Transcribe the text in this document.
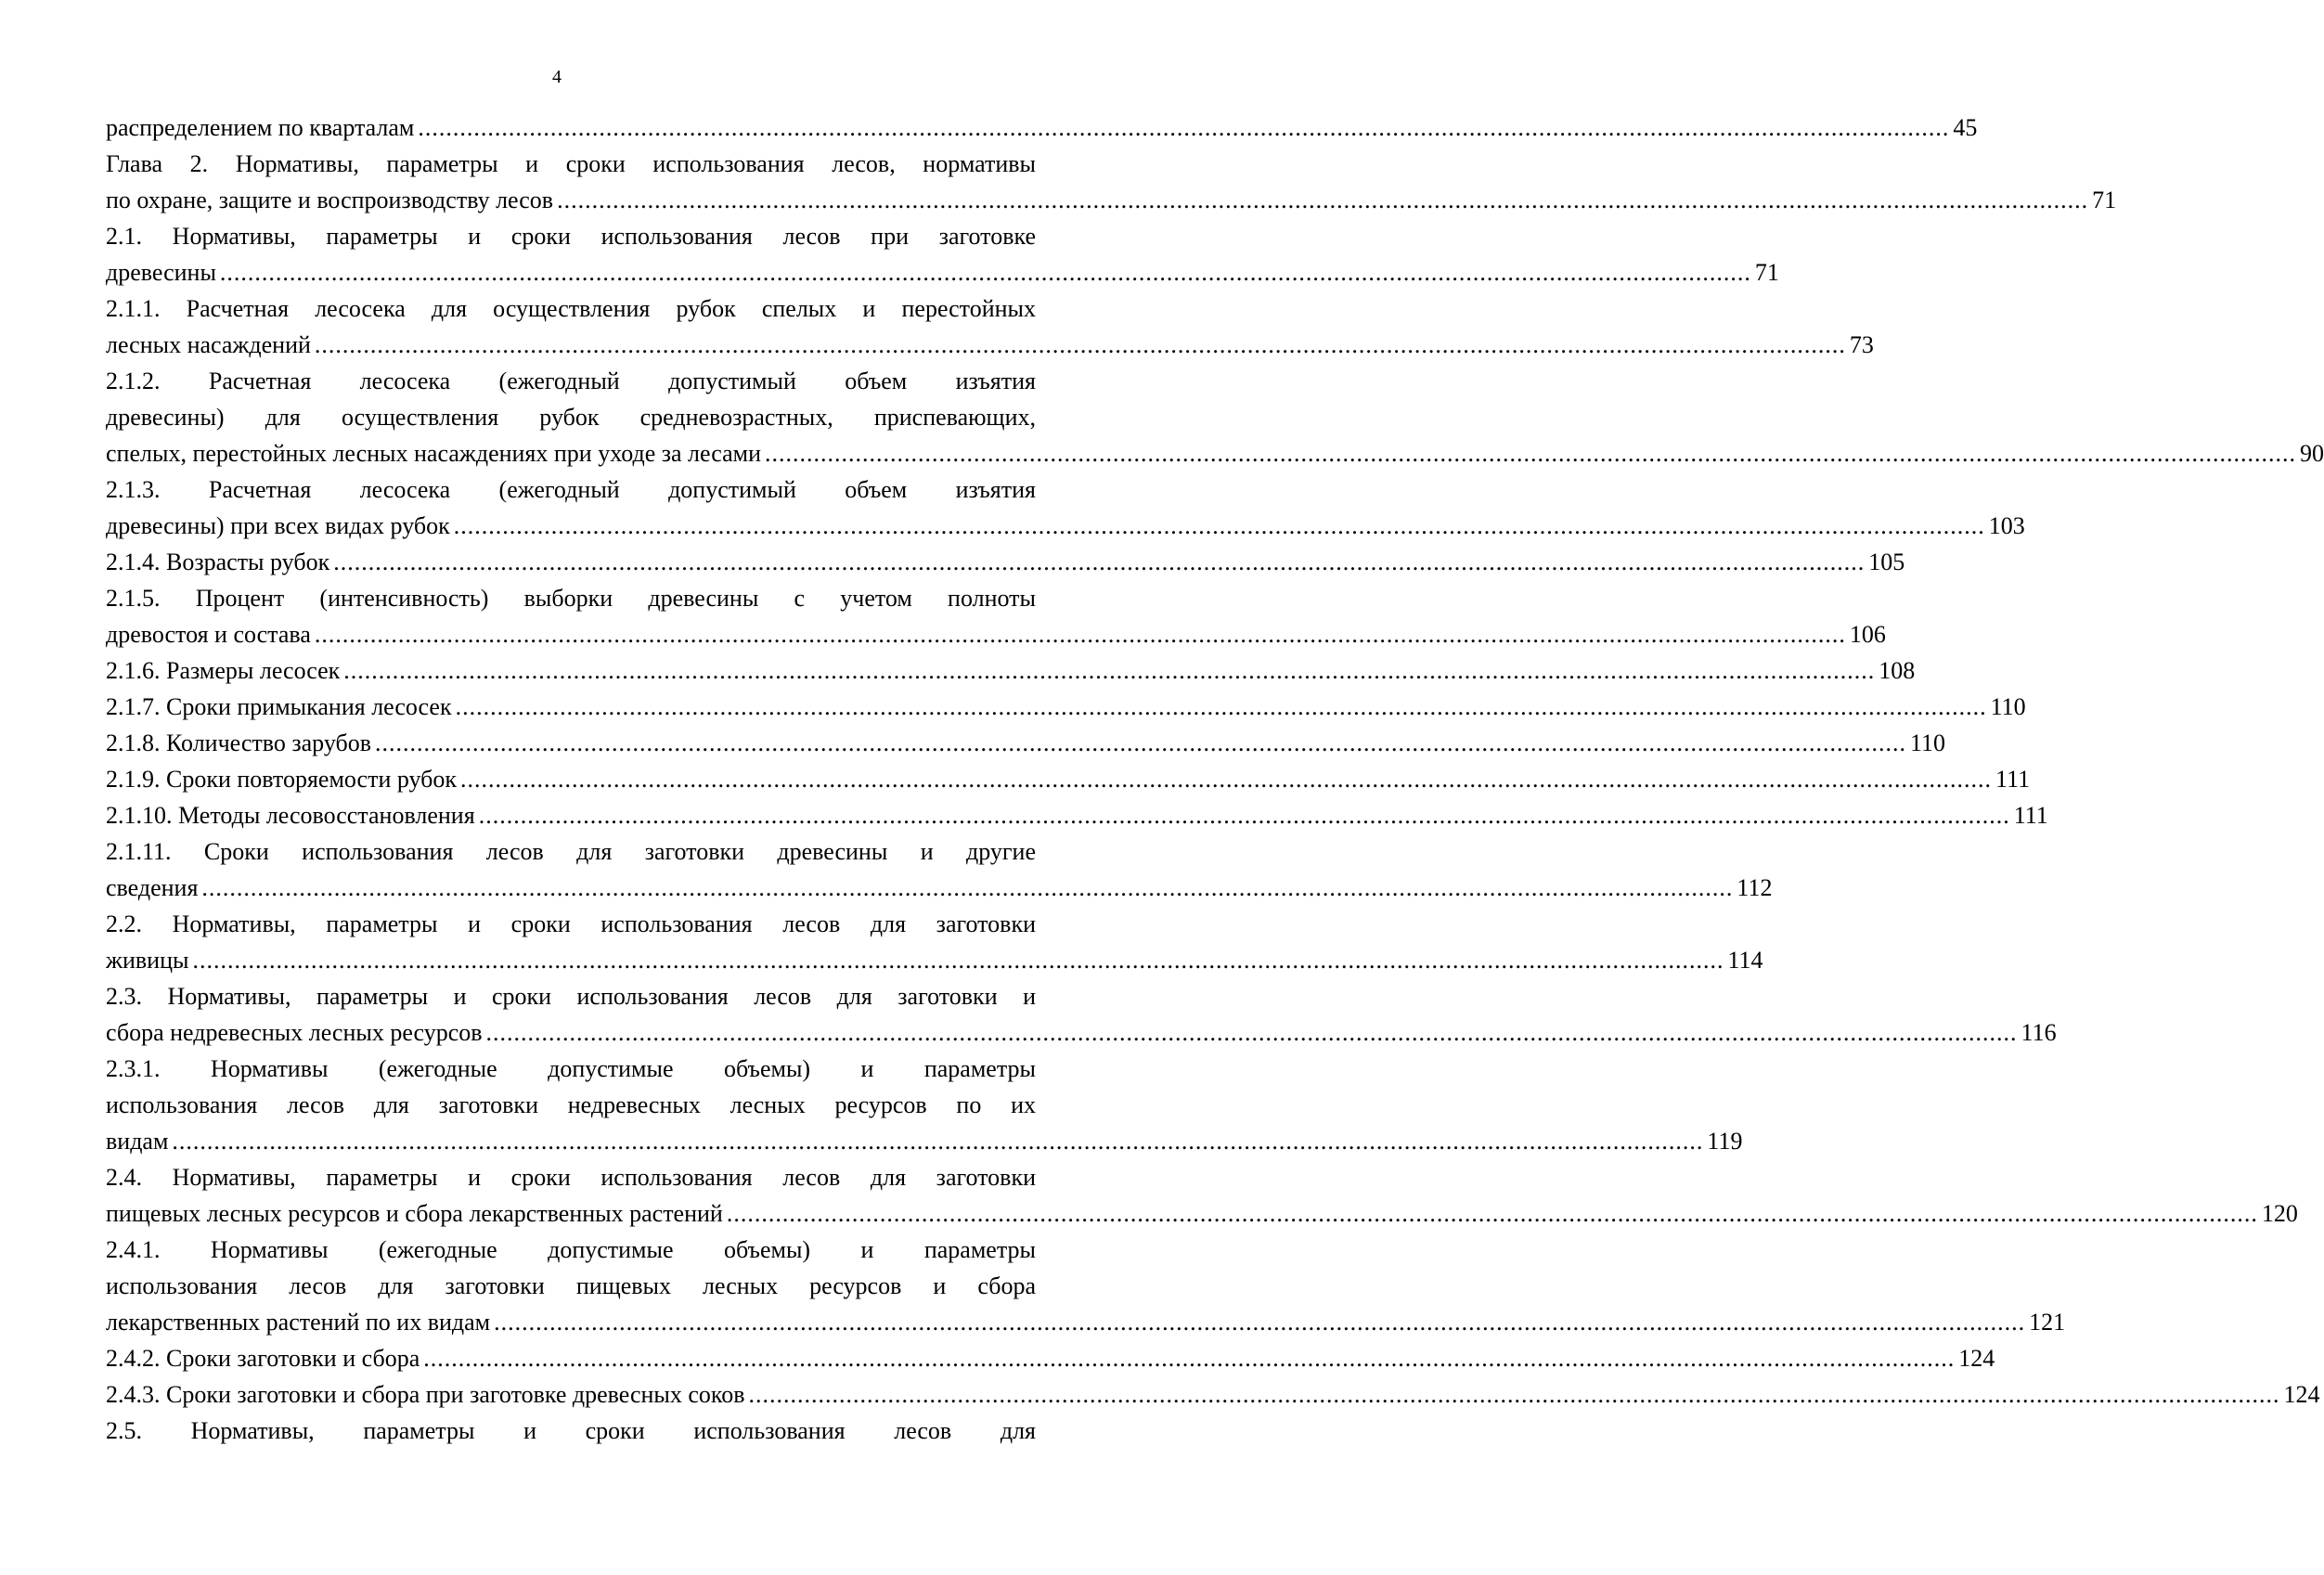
4
распределением по кварталам ............................................................................................................................................................................................................................ 45
Глава 2. Нормативы, параметры и сроки использования лесов, нормативы
по охране, защите и воспроизводству лесов ............................................................................................................................................................................................................................ 71
2.1. Нормативы, параметры и сроки использования лесов при заготовке
древесины ............................................................................................................................................................................................................................ 71
2.1.1. Расчетная лесосека для осуществления рубок спелых и перестойных
лесных насаждений ............................................................................................................................................................................................................................ 73
2.1.2. Расчетная лесосека (ежегодный допустимый объем изъятия
древесины) для осуществления рубок средневозрастных, приспевающих,
спелых, перестойных лесных насаждениях при уходе за лесами ............................................................................................................................................................................................................................ 90
2.1.3. Расчетная лесосека (ежегодный допустимый объем изъятия
древесины) при всех видах рубок ............................................................................................................................................................................................................................ 103
2.1.4. Возрасты рубок ............................................................................................................................................................................................................................ 105
2.1.5. Процент (интенсивность) выборки древесины с учетом полноты
древостоя и состава ............................................................................................................................................................................................................................ 106
2.1.6. Размеры лесосек ............................................................................................................................................................................................................................ 108
2.1.7. Сроки примыкания лесосек ............................................................................................................................................................................................................................ 110
2.1.8. Количество зарубов ............................................................................................................................................................................................................................ 110
2.1.9. Сроки повторяемости рубок ............................................................................................................................................................................................................................ 111
2.1.10. Методы лесовосстановления ............................................................................................................................................................................................................................ 111
2.1.11. Сроки использования лесов для заготовки древесины и другие
сведения ............................................................................................................................................................................................................................ 112
2.2. Нормативы, параметры и сроки использования лесов для заготовки
живицы ............................................................................................................................................................................................................................ 114
2.3. Нормативы, параметры и сроки использования лесов для заготовки и
сбора недревесных лесных ресурсов ............................................................................................................................................................................................................................ 116
2.3.1. Нормативы (ежегодные допустимые объемы) и параметры
использования лесов для заготовки недревесных лесных ресурсов по их
видам ............................................................................................................................................................................................................................ 119
2.4. Нормативы, параметры и сроки использования лесов для заготовки
пищевых лесных ресурсов и сбора лекарственных растений ............................................................................................................................................................................................................................ 120
2.4.1. Нормативы (ежегодные допустимые объемы) и параметры
использования лесов для заготовки пищевых лесных ресурсов и сбора
лекарственных растений по их видам ............................................................................................................................................................................................................................ 121
2.4.2. Сроки заготовки и сбора ............................................................................................................................................................................................................................ 124
2.4.3. Сроки заготовки и сбора при заготовке древесных соков ............................................................................................................................................................................................................................ 124
2.5. Нормативы, параметры и сроки использования лесов для
